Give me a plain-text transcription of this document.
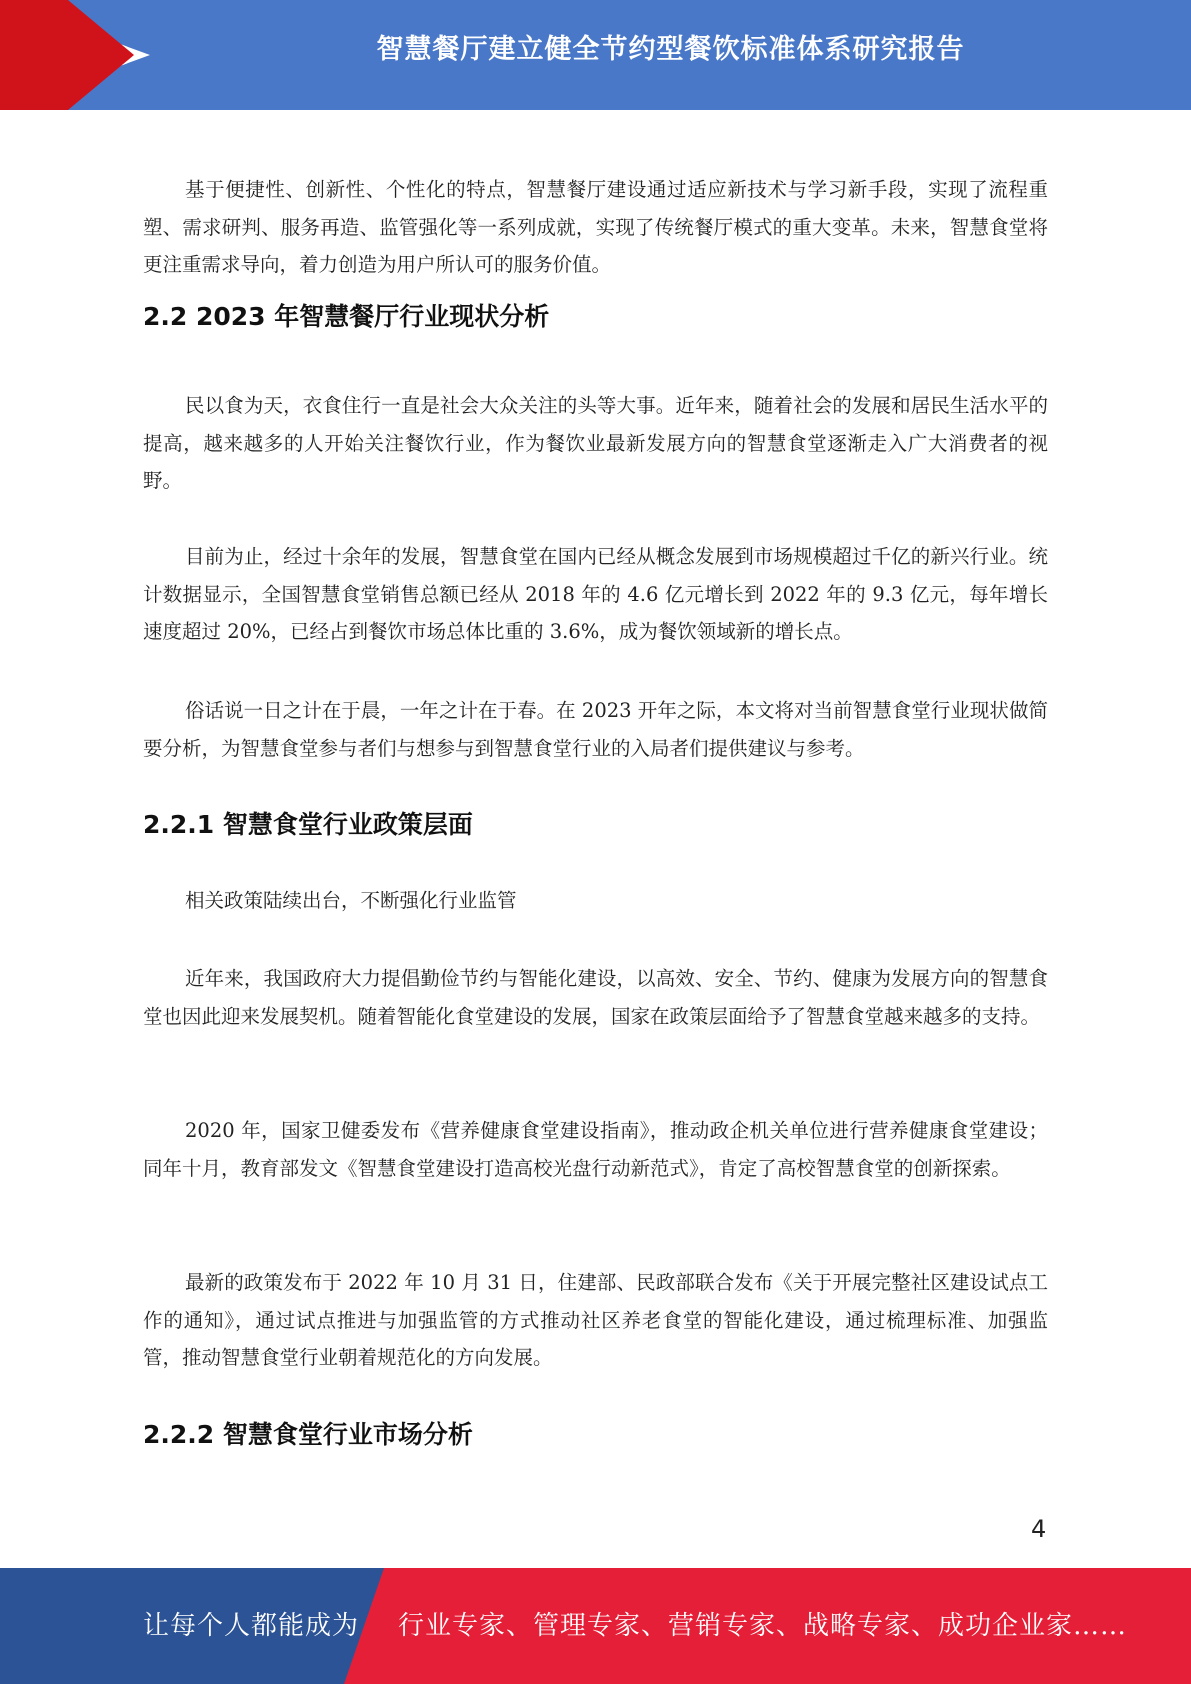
智慧餐厅建立健全节约型餐饮标准体系研究报告

基于便捷性、创新性、个性化的特点，智慧餐厅建设通过适应新技术与学习新手段，实现了流程重塑、需求研判、服务再造、监管强化等一系列成就，实现了传统餐厅模式的重大变革。未来，智慧食堂将更注重需求导向，着力创造为用户所认可的服务价值。

2.2 2023 年智慧餐厅行业现状分析

民以食为天，衣食住行一直是社会大众关注的头等大事。近年来，随着社会的发展和居民生活水平的提高，越来越多的人开始关注餐饮行业，作为餐饮业最新发展方向的智慧食堂逐渐走入广大消费者的视野。

目前为止，经过十余年的发展，智慧食堂在国内已经从概念发展到市场规模超过千亿的新兴行业。统计数据显示，全国智慧食堂销售总额已经从 2018 年的 4.6 亿元增长到 2022 年的 9.3 亿元，每年增长速度超过 20%，已经占到餐饮市场总体比重的 3.6%，成为餐饮领域新的增长点。

俗话说一日之计在于晨，一年之计在于春。在 2023 开年之际，本文将对当前智慧食堂行业现状做简要分析，为智慧食堂参与者们与想参与到智慧食堂行业的入局者们提供建议与参考。

2.2.1 智慧食堂行业政策层面

相关政策陆续出台，不断强化行业监管

近年来，我国政府大力提倡勤俭节约与智能化建设，以高效、安全、节约、健康为发展方向的智慧食堂也因此迎来发展契机。随着智能化食堂建设的发展，国家在政策层面给予了智慧食堂越来越多的支持。

2020 年，国家卫健委发布《营养健康食堂建设指南》，推动政企机关单位进行营养健康食堂建设；同年十月，教育部发文《智慧食堂建设打造高校光盘行动新范式》，肯定了高校智慧食堂的创新探索。

最新的政策发布于 2022 年 10 月 31 日，住建部、民政部联合发布《关于开展完整社区建设试点工作的通知》，通过试点推进与加强监管的方式推动社区养老食堂的智能化建设，通过梳理标准、加强监管，推动智慧食堂行业朝着规范化的方向发展。

2.2.2 智慧食堂行业市场分析
4
让每个人都能成为 行业专家、管理专家、营销专家、战略专家、成功企业家……
